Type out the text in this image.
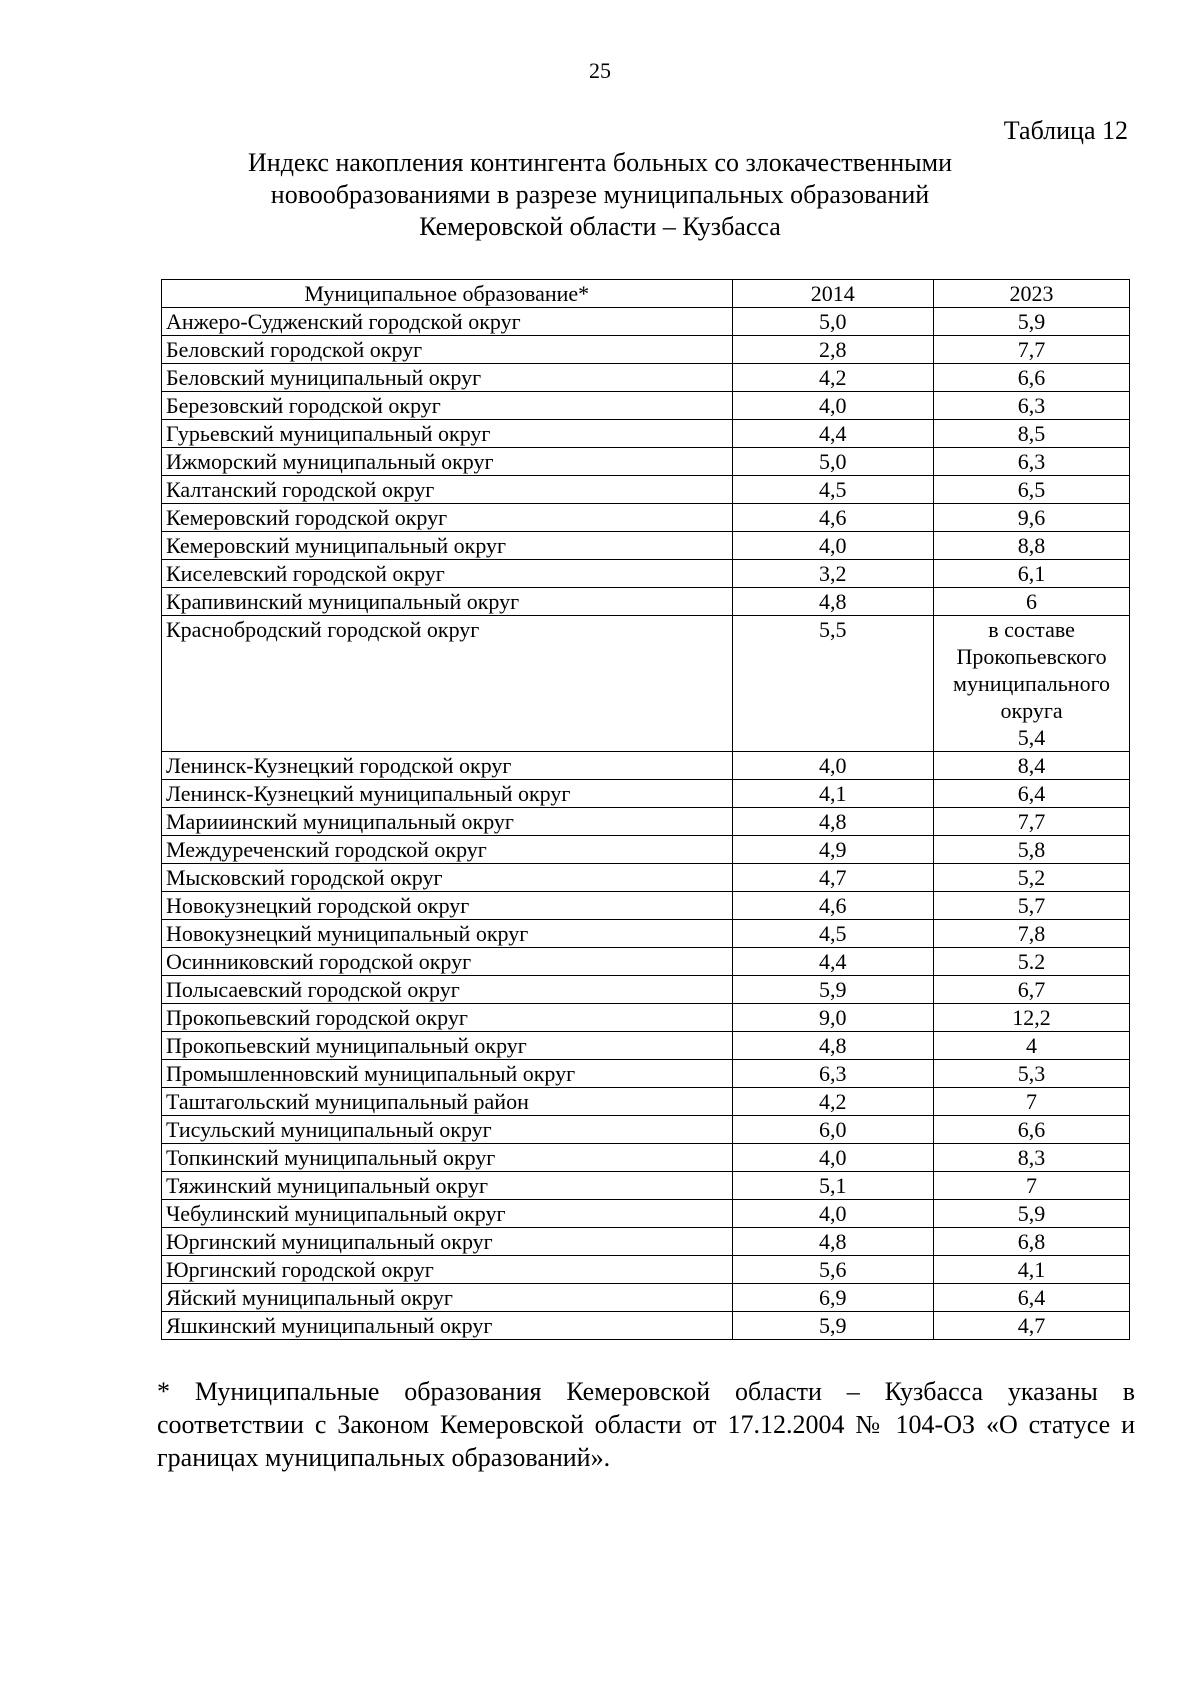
25
Таблица 12
Индекс накопления контингента больных со злокачественными
новообразованиями в разрезе муниципальных образований
Кемеровской области – Кузбасса
Муниципальное образование*	2014	2023
Анжеро-Судженский городской округ	5,0	5,9
Беловский городской округ	2,8	7,7
Беловский муниципальный округ	4,2	6,6
Березовский городской округ	4,0	6,3
Гурьевский муниципальный округ	4,4	8,5
Ижморский муниципальный округ	5,0	6,3
Калтанский городской округ	4,5	6,5
Кемеровский городской округ	4,6	9,6
Кемеровский муниципальный округ	4,0	8,8
Киселевский городской округ	3,2	6,1
Крапивинский муниципальный округ	4,8	6
Краснобродский городской округ	5,5	в составе
Прокопьевского
муниципального
округа
5,4

Ленинск-Кузнецкий городской округ	4,0	8,4
Ленинск-Кузнецкий муниципальный округ	4,1	6,4
Марииинский муниципальный округ	4,8	7,7
Междуреченский городской округ	4,9	5,8
Мысковский городской округ	4,7	5,2
Новокузнецкий городской округ	4,6	5,7
Новокузнецкий муниципальный округ	4,5	7,8
Осинниковский городской округ	4,4	5.2
Полысаевский городской округ	5,9	6,7
Прокопьевский городской округ	9,0	12,2
Прокопьевский муниципальный округ	4,8	4
Промышленновский муниципальный округ	6,3	5,3
Таштагольский муниципальный район	4,2	7
Тисульский муниципальный округ	6,0	6,6
Топкинский муниципальный округ	4,0	8,3
Тяжинский муниципальный округ	5,1	7
Чебулинский муниципальный округ	4,0	5,9
Юргинский муниципальный округ	4,8	6,8
Юргинский городской округ	5,6	4,1
Яйский муниципальный округ	6,9	6,4
Яшкинский муниципальный округ	5,9	4,7
* Муниципальные образования Кемеровской области – Кузбасса указаны в соответствии с Законом Кемеровской области от 17.12.2004 № 104-ОЗ «О статусе и границах муниципальных образований».
